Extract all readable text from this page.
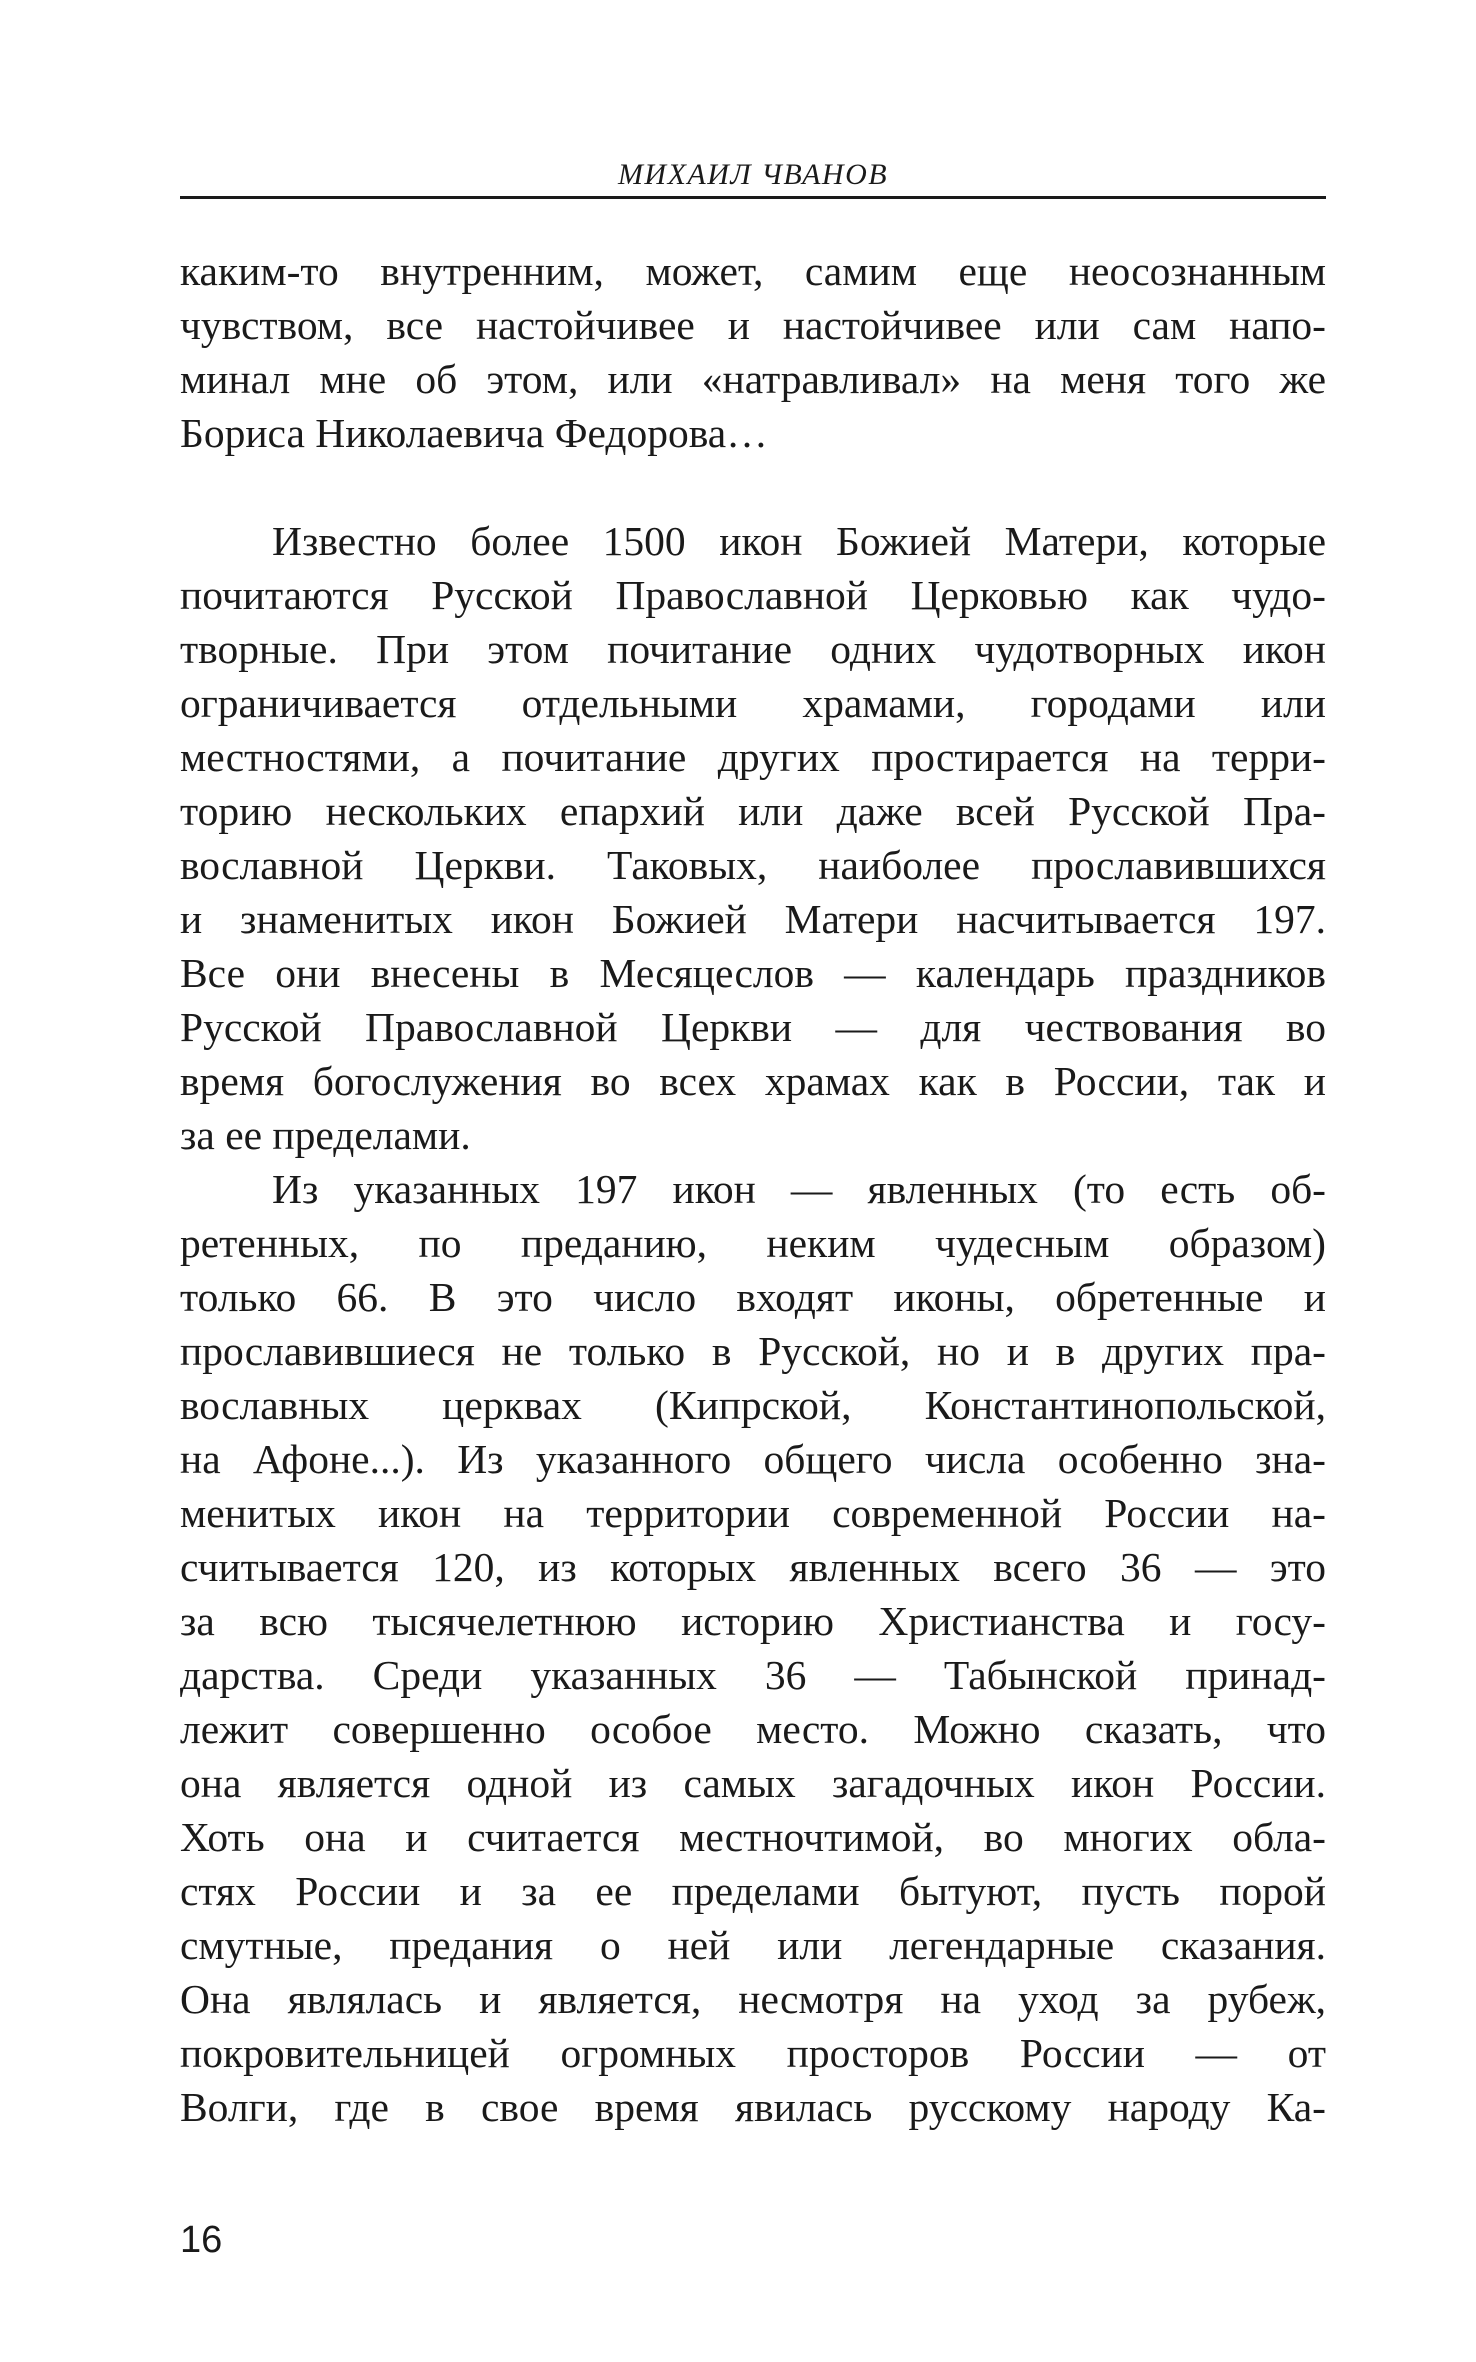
МИХАИЛ ЧВАНОВ
каким-то внутренним, может, самим еще неосознанным
чувством, все настойчивее и настойчивее или сам напо-
минал мне об этом, или «натравливал» на меня того же
Бориса Николаевича Федорова…
Известно более 1500 икон Божией Матери, которые
почитаются Русской Православной Церковью как чудо-
творные. При этом почитание одних чудотворных икон
ограничивается отдельными храмами, городами или
местностями, а почитание других простирается на терри-
торию нескольких епархий или даже всей Русской Пра-
вославной Церкви. Таковых, наиболее прославившихся
и знаменитых икон Божией Матери насчитывается 197.
Все они внесены в Месяцеслов — календарь праздников
Русской Православной Церкви — для чествования во
время богослужения во всех храмах как в России, так и
за ее пределами.
Из указанных 197 икон — явленных (то есть об-
ретенных, по преданию, неким чудесным образом)
только 66. В это число входят иконы, обретенные и
прославившиеся не только в Русской, но и в других пра-
вославных церквах (Кипрской, Константинопольской,
на Афоне...). Из указанного общего числа особенно зна-
менитых икон на территории современной России на-
считывается 120, из которых явленных всего 36 — это
за всю тысячелетнюю историю Христианства и госу-
дарства. Среди указанных 36 — Табынской принад-
лежит совершенно особое место. Можно сказать, что
она является одной из самых загадочных икон России.
Хоть она и считается местночтимой, во многих обла-
стях России и за ее пределами бытуют, пусть порой
смутные, предания о ней или легендарные сказания.
Она являлась и является, несмотря на уход за рубеж,
покровительницей огромных просторов России — от
Волги, где в свое время явилась русскому народу Ка-
16
